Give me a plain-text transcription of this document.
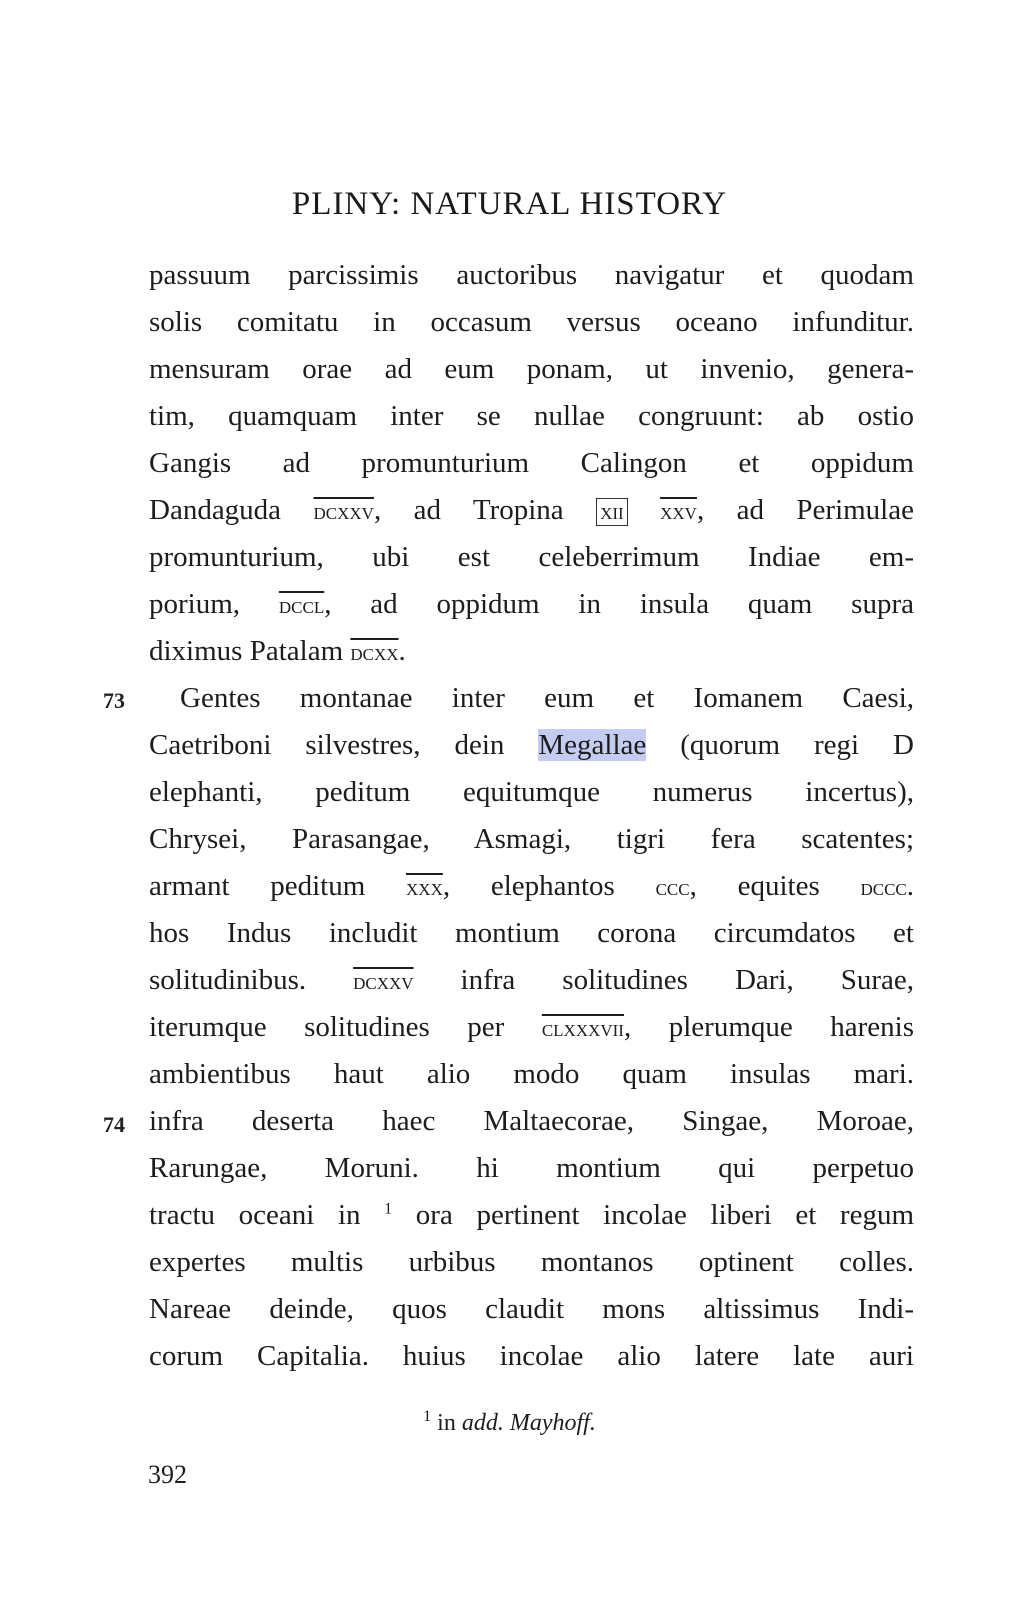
PLINY: NATURAL HISTORY
passuum parcissimis auctoribus navigatur et quodam
solis comitatu in occasum versus oceano infunditur.
mensuram orae ad eum ponam, ut invenio, genera-
tim, quamquam inter se nullae congruunt: ab ostio
Gangis ad promunturium Calingon et oppidum
Dandaguda dcxxv, ad Tropina xii $\overline{xxv}$, ad Perimulae
promunturium, ubi est celeberrimum Indiae em-
porium, dccl, ad oppidum in insula quam supra
diximus Patalam dcxx.
73 Gentes montanae inter eum et Iomanem Caesi,
Caetriboni silvestres, dein Megallae (quorum regi D
elephanti, peditum equitumque numerus incertus),
Chrysei, Parasangae, Asmagi, tigri fera scatentes;
armant peditum $\overline{xxx}$, elephantos ccc, equites dccc.
hos Indus includit montium corona circumdatos et
solitudinibus. dcxxv infra solitudines Dari, Surae,
iterumque solitudines per clxxxvii, plerumque harenis
ambientibus haut alio modo quam insulas mari.
74 infra deserta haec Maltaecorae, Singae, Moroae,
Rarungae, Moruni. hi montium qui perpetuo
tractu oceani in $^1$ ora pertinent incolae liberi et regum
expertes multis urbibus montanos optinent colles.
Nareae deinde, quos claudit mons altissimus Indi-
corum Capitalia. huius incolae alio latere late auri
$^1$ in add. Mayhoff.
392
